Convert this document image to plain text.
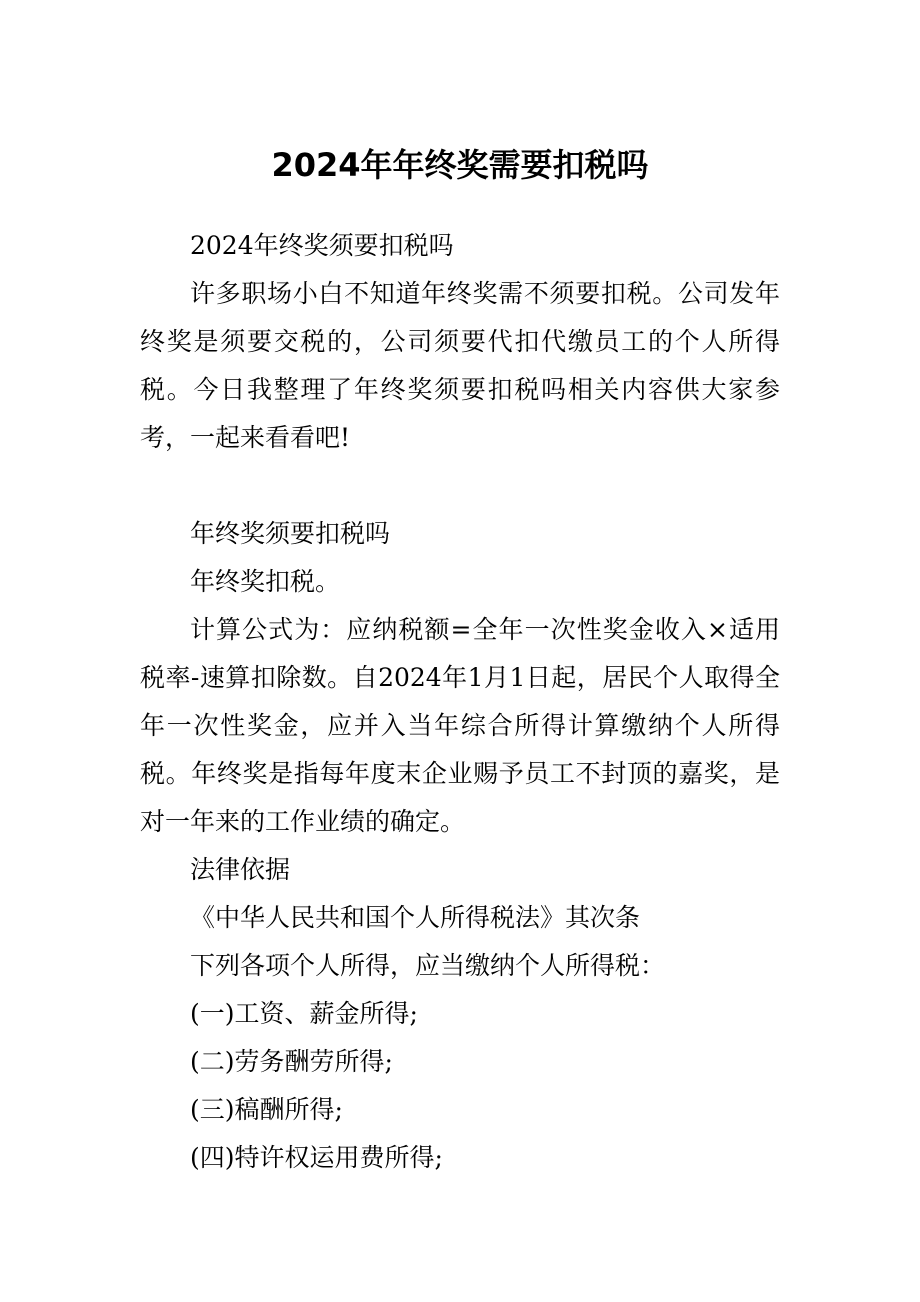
2024年年终奖需要扣税吗

2024年终奖须要扣税吗

许多职场小白不知道年终奖需不须要扣税。公司发年终奖是须要交税的，公司须要代扣代缴员工的个人所得税。今日我整理了年终奖须要扣税吗相关内容供大家参考，一起来看看吧!

年终奖须要扣税吗

年终奖扣税。

计算公式为：应纳税额=全年一次性奖金收入×适用税率-速算扣除数。自2024年1月1日起，居民个人取得全年一次性奖金，应并入当年综合所得计算缴纳个人所得税。年终奖是指每年度末企业赐予员工不封顶的嘉奖，是对一年来的工作业绩的确定。

法律依据

《中华人民共和国个人所得税法》其次条

下列各项个人所得，应当缴纳个人所得税：

(一)工资、薪金所得;

(二)劳务酬劳所得;

(三)稿酬所得;

(四)特许权运用费所得;
